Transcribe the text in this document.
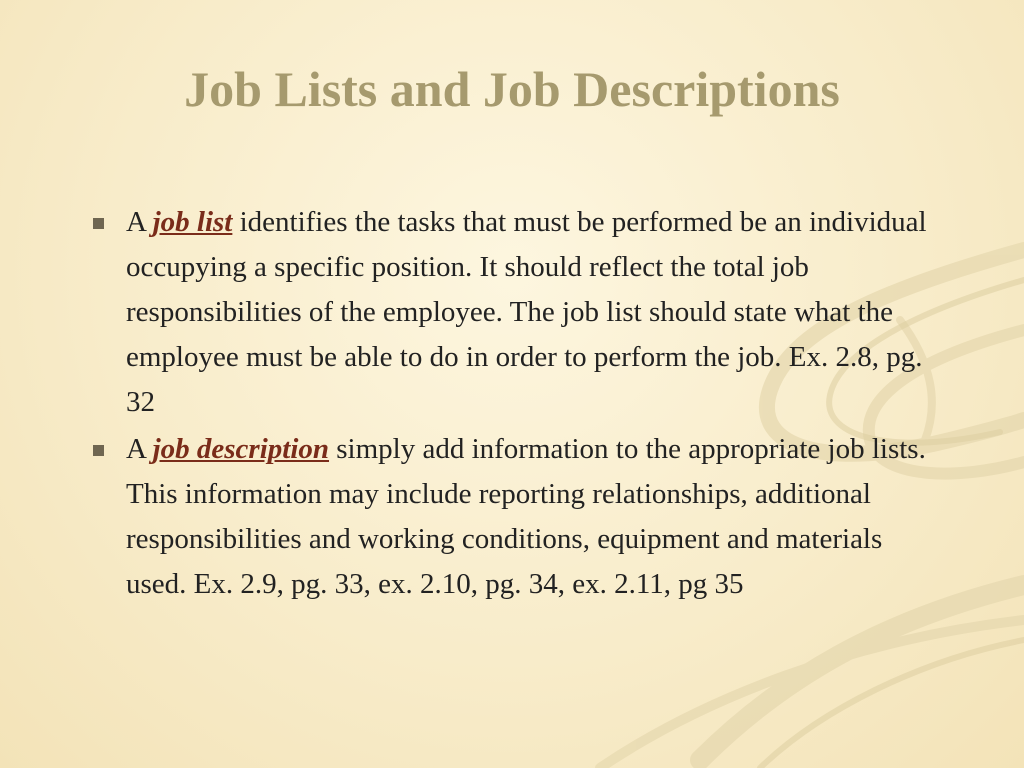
Job Lists and Job Descriptions
A job list identifies the tasks that must be performed be an individual occupying a specific position. It should reflect the total job responsibilities of the employee. The job list should state what the employee must be able to do in order to perform the job. Ex. 2.8, pg. 32
A job description simply add information to the appropriate job lists. This information may include reporting relationships, additional responsibilities and working conditions, equipment and materials used. Ex. 2.9, pg. 33, ex. 2.10, pg. 34, ex. 2.11, pg 35
